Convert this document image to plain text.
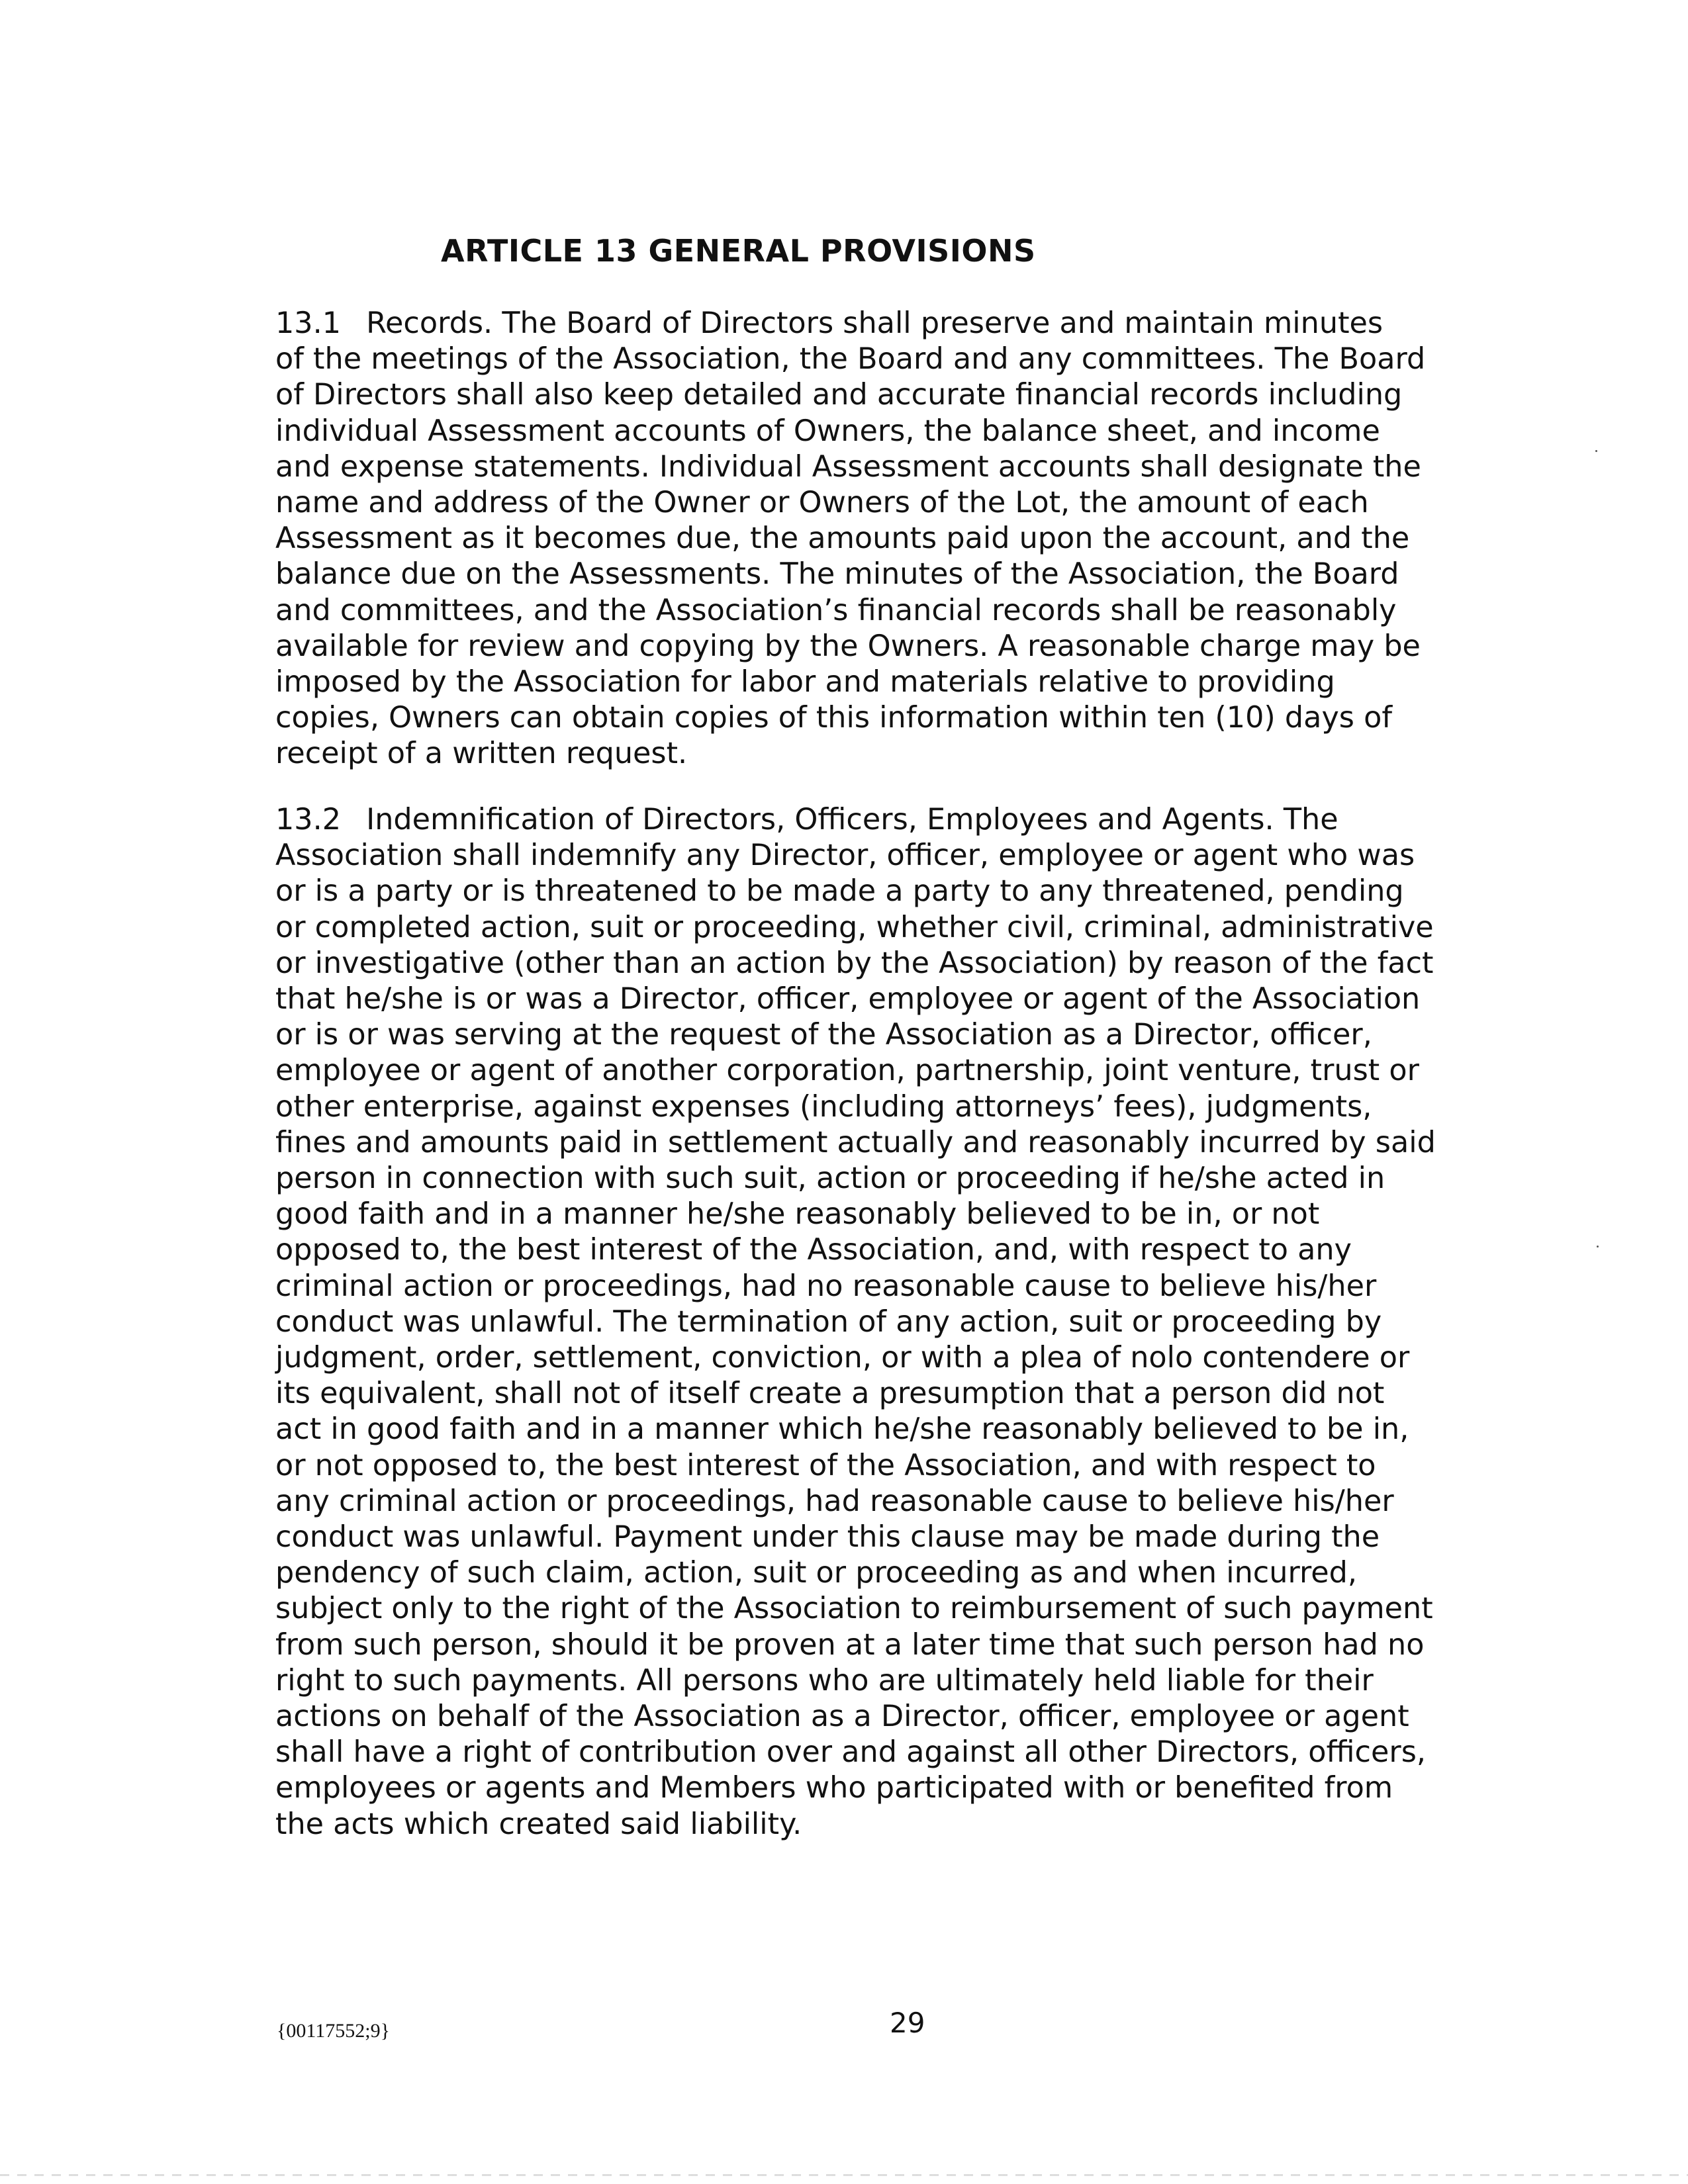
ARTICLE 13 GENERAL PROVISIONS
13.1 Records. The Board of Directors shall preserve and maintain minutes
of the meetings of the Association, the Board and any committees. The Board
of Directors shall also keep detailed and accurate financial records including
individual Assessment accounts of Owners, the balance sheet, and income
and expense statements. Individual Assessment accounts shall designate the
name and address of the Owner or Owners of the Lot, the amount of each
Assessment as it becomes due, the amounts paid upon the account, and the
balance due on the Assessments. The minutes of the Association, the Board
and committees, and the Association’s financial records shall be reasonably
available for review and copying by the Owners. A reasonable charge may be
imposed by the Association for labor and materials relative to providing
copies, Owners can obtain copies of this information within ten (10) days of
receipt of a written request.
13.2 Indemnification of Directors, Officers, Employees and Agents. The
Association shall indemnify any Director, officer, employee or agent who was
or is a party or is threatened to be made a party to any threatened, pending
or completed action, suit or proceeding, whether civil, criminal, administrative
or investigative (other than an action by the Association) by reason of the fact
that he/she is or was a Director, officer, employee or agent of the Association
or is or was serving at the request of the Association as a Director, officer,
employee or agent of another corporation, partnership, joint venture, trust or
other enterprise, against expenses (including attorneys’ fees), judgments,
fines and amounts paid in settlement actually and reasonably incurred by said
person in connection with such suit, action or proceeding if he/she acted in
good faith and in a manner he/she reasonably believed to be in, or not
opposed to, the best interest of the Association, and, with respect to any
criminal action or proceedings, had no reasonable cause to believe his/her
conduct was unlawful. The termination of any action, suit or proceeding by
judgment, order, settlement, conviction, or with a plea of nolo contendere or
its equivalent, shall not of itself create a presumption that a person did not
act in good faith and in a manner which he/she reasonably believed to be in,
or not opposed to, the best interest of the Association, and with respect to
any criminal action or proceedings, had reasonable cause to believe his/her
conduct was unlawful. Payment under this clause may be made during the
pendency of such claim, action, suit or proceeding as and when incurred,
subject only to the right of the Association to reimbursement of such payment
from such person, should it be proven at a later time that such person had no
right to such payments. All persons who are ultimately held liable for their
actions on behalf of the Association as a Director, officer, employee or agent
shall have a right of contribution over and against all other Directors, officers,
employees or agents and Members who participated with or benefited from
the acts which created said liability.
{00117552;9}	29
